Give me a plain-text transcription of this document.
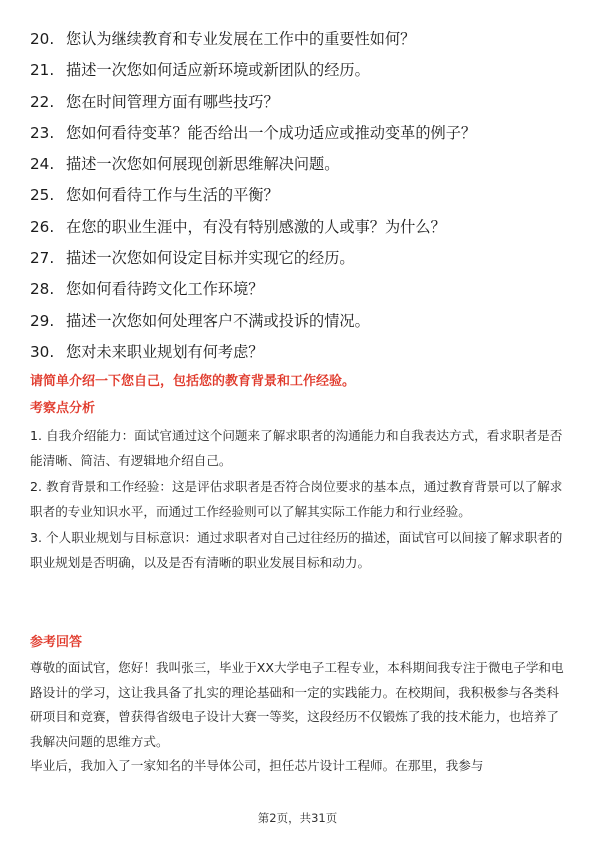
20. 您认为继续教育和专业发展在工作中的重要性如何？
21. 描述一次您如何适应新环境或新团队的经历。
22. 您在时间管理方面有哪些技巧？
23. 您如何看待变革？能否给出一个成功适应或推动变革的例子？
24. 描述一次您如何展现创新思维解决问题。
25. 您如何看待工作与生活的平衡？
26. 在您的职业生涯中，有没有特别感激的人或事？为什么？
27. 描述一次您如何设定目标并实现它的经历。
28. 您如何看待跨文化工作环境？
29. 描述一次您如何处理客户不满或投诉的情况。
30. 您对未来职业规划有何考虑？
请简单介绍一下您自己，包括您的教育背景和工作经验。
考察点分析

1. 自我介绍能力：面试官通过这个问题来了解求职者的沟通能力和自我表达方式，看求职者是否能清晰、简洁、有逻辑地介绍自己。

2. 教育背景和工作经验：这是评估求职者是否符合岗位要求的基本点，通过教育背景可以了解求职者的专业知识水平，而通过工作经验则可以了解其实际工作能力和行业经验。

3. 个人职业规划与目标意识：通过求职者对自己过往经历的描述，面试官可以间接了解求职者的职业规划是否明确，以及是否有清晰的职业发展目标和动力。

参考回答

尊敬的面试官，您好！我叫张三，毕业于XX大学电子工程专业，本科期间我专注于微电子学和电路设计的学习，这让我具备了扎实的理论基础和一定的实践能力。在校期间，我积极参与各类科研项目和竞赛，曾获得省级电子设计大赛一等奖，这段经历不仅锻炼了我的技术能力，也培养了我解决问题的思维方式。

毕业后，我加入了一家知名的半导体公司，担任芯片设计工程师。在那里，我参与

第2页，共31页
